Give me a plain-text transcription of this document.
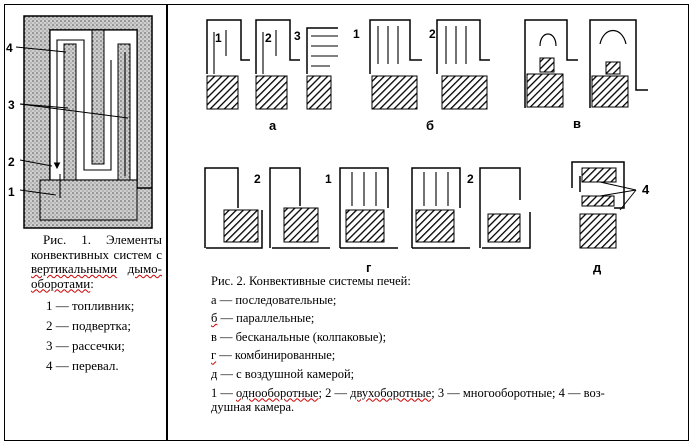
4
3
2
1
1	2 3
а
1	2
б	в
2	1	2
г
4
д
Рис. 1. Элементы конвективных систем с вертикальными дымо-оборотами:
1 — топливник;
2 — подвертка;
3 — рассечки;
4 — перевал.
Рис. 2. Конвективные системы печей:
а — последовательные;
б — параллельные;
в — бесканальные (колпаковые);
г — комбинированные;
д — с воздушной камерой;
1 — однооборотные; 2 — двухоборотные; 3 — многооборотные; 4 — воз-
душная камера.
